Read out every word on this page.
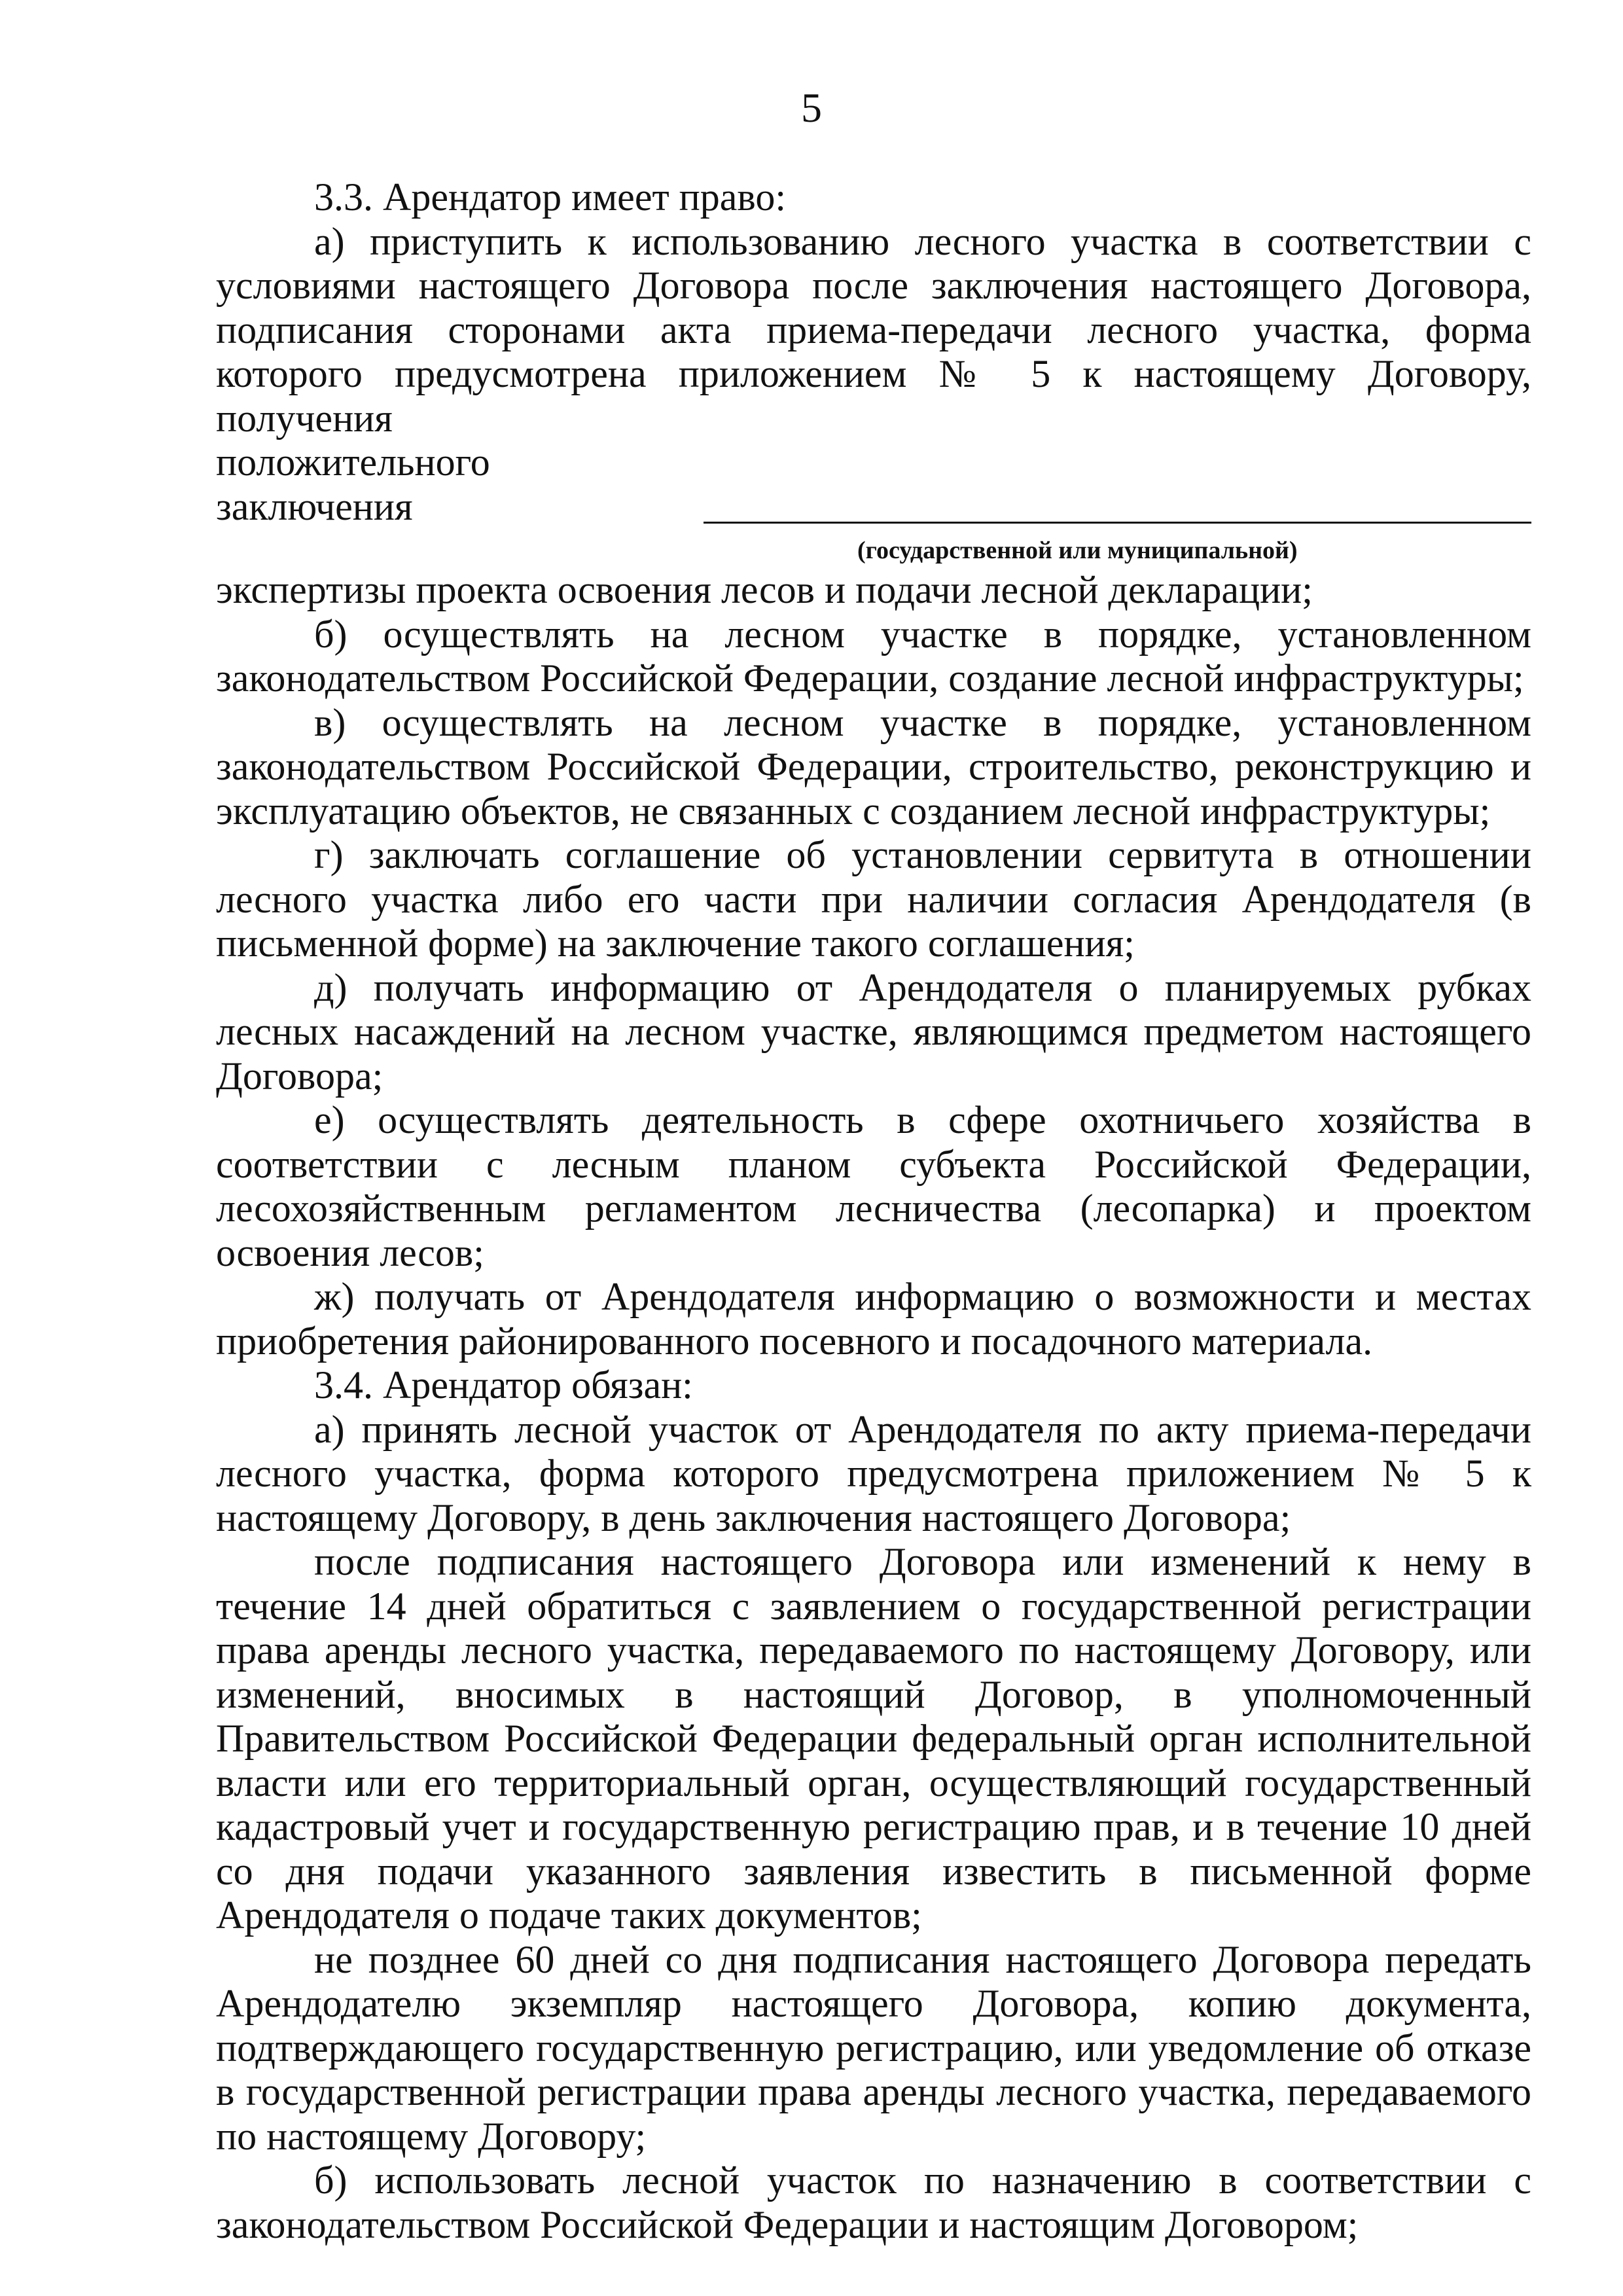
5

3.3. Арендатор имеет право:

а) приступить к использованию лесного участка в соответствии с условиями настоящего Договора после заключения настоящего Договора, подписания сторонами акта приема-передачи лесного участка, форма которого предусмотрена приложением № 5 к настоящему Договору, получения

положительного заключения
(государственной или муниципальной)

экспертизы проекта освоения лесов и подачи лесной декларации;

б) осуществлять на лесном участке в порядке, установленном законодательством Российской Федерации, создание лесной инфраструктуры;

в) осуществлять на лесном участке в порядке, установленном законодательством Российской Федерации, строительство, реконструкцию и эксплуатацию объектов, не связанных с созданием лесной инфраструктуры;

г) заключать соглашение об установлении сервитута в отношении лесного участка либо его части при наличии согласия Арендодателя (в письменной форме) на заключение такого соглашения;

д) получать информацию от Арендодателя о планируемых рубках лесных насаждений на лесном участке, являющимся предметом настоящего Договора;

е) осуществлять деятельность в сфере охотничьего хозяйства в соответствии с лесным планом субъекта Российской Федерации, лесохозяйственным регламентом лесничества (лесопарка) и проектом освоения лесов;

ж) получать от Арендодателя информацию о возможности и местах приобретения районированного посевного и посадочного материала.

3.4. Арендатор обязан:

а) принять лесной участок от Арендодателя по акту приема-передачи лесного участка, форма которого предусмотрена приложением № 5 к настоящему Договору, в день заключения настоящего Договора;

после подписания настоящего Договора или изменений к нему в течение 14 дней обратиться с заявлением о государственной регистрации права аренды лесного участка, передаваемого по настоящему Договору, или изменений, вносимых в настоящий Договор, в уполномоченный Правительством Российской Федерации федеральный орган исполнительной власти или его территориальный орган, осуществляющий государственный кадастровый учет и государственную регистрацию прав, и в течение 10 дней со дня подачи указанного заявления известить в письменной форме Арендодателя о подаче таких документов;

не позднее 60 дней со дня подписания настоящего Договора передать Арендодателю экземпляр настоящего Договора, копию документа, подтверждающего государственную регистрацию, или уведомление об отказе в государственной регистрации права аренды лесного участка, передаваемого по настоящему Договору;

б) использовать лесной участок по назначению в соответствии с законодательством Российской Федерации и настоящим Договором;
